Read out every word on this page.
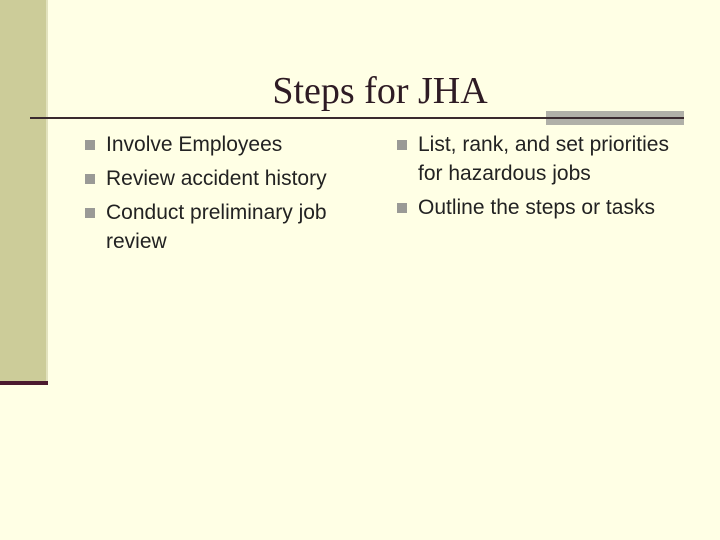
Steps for JHA
Involve Employees
Review accident history
Conduct preliminary job review
List, rank, and set priorities for hazardous jobs
Outline the steps or tasks
